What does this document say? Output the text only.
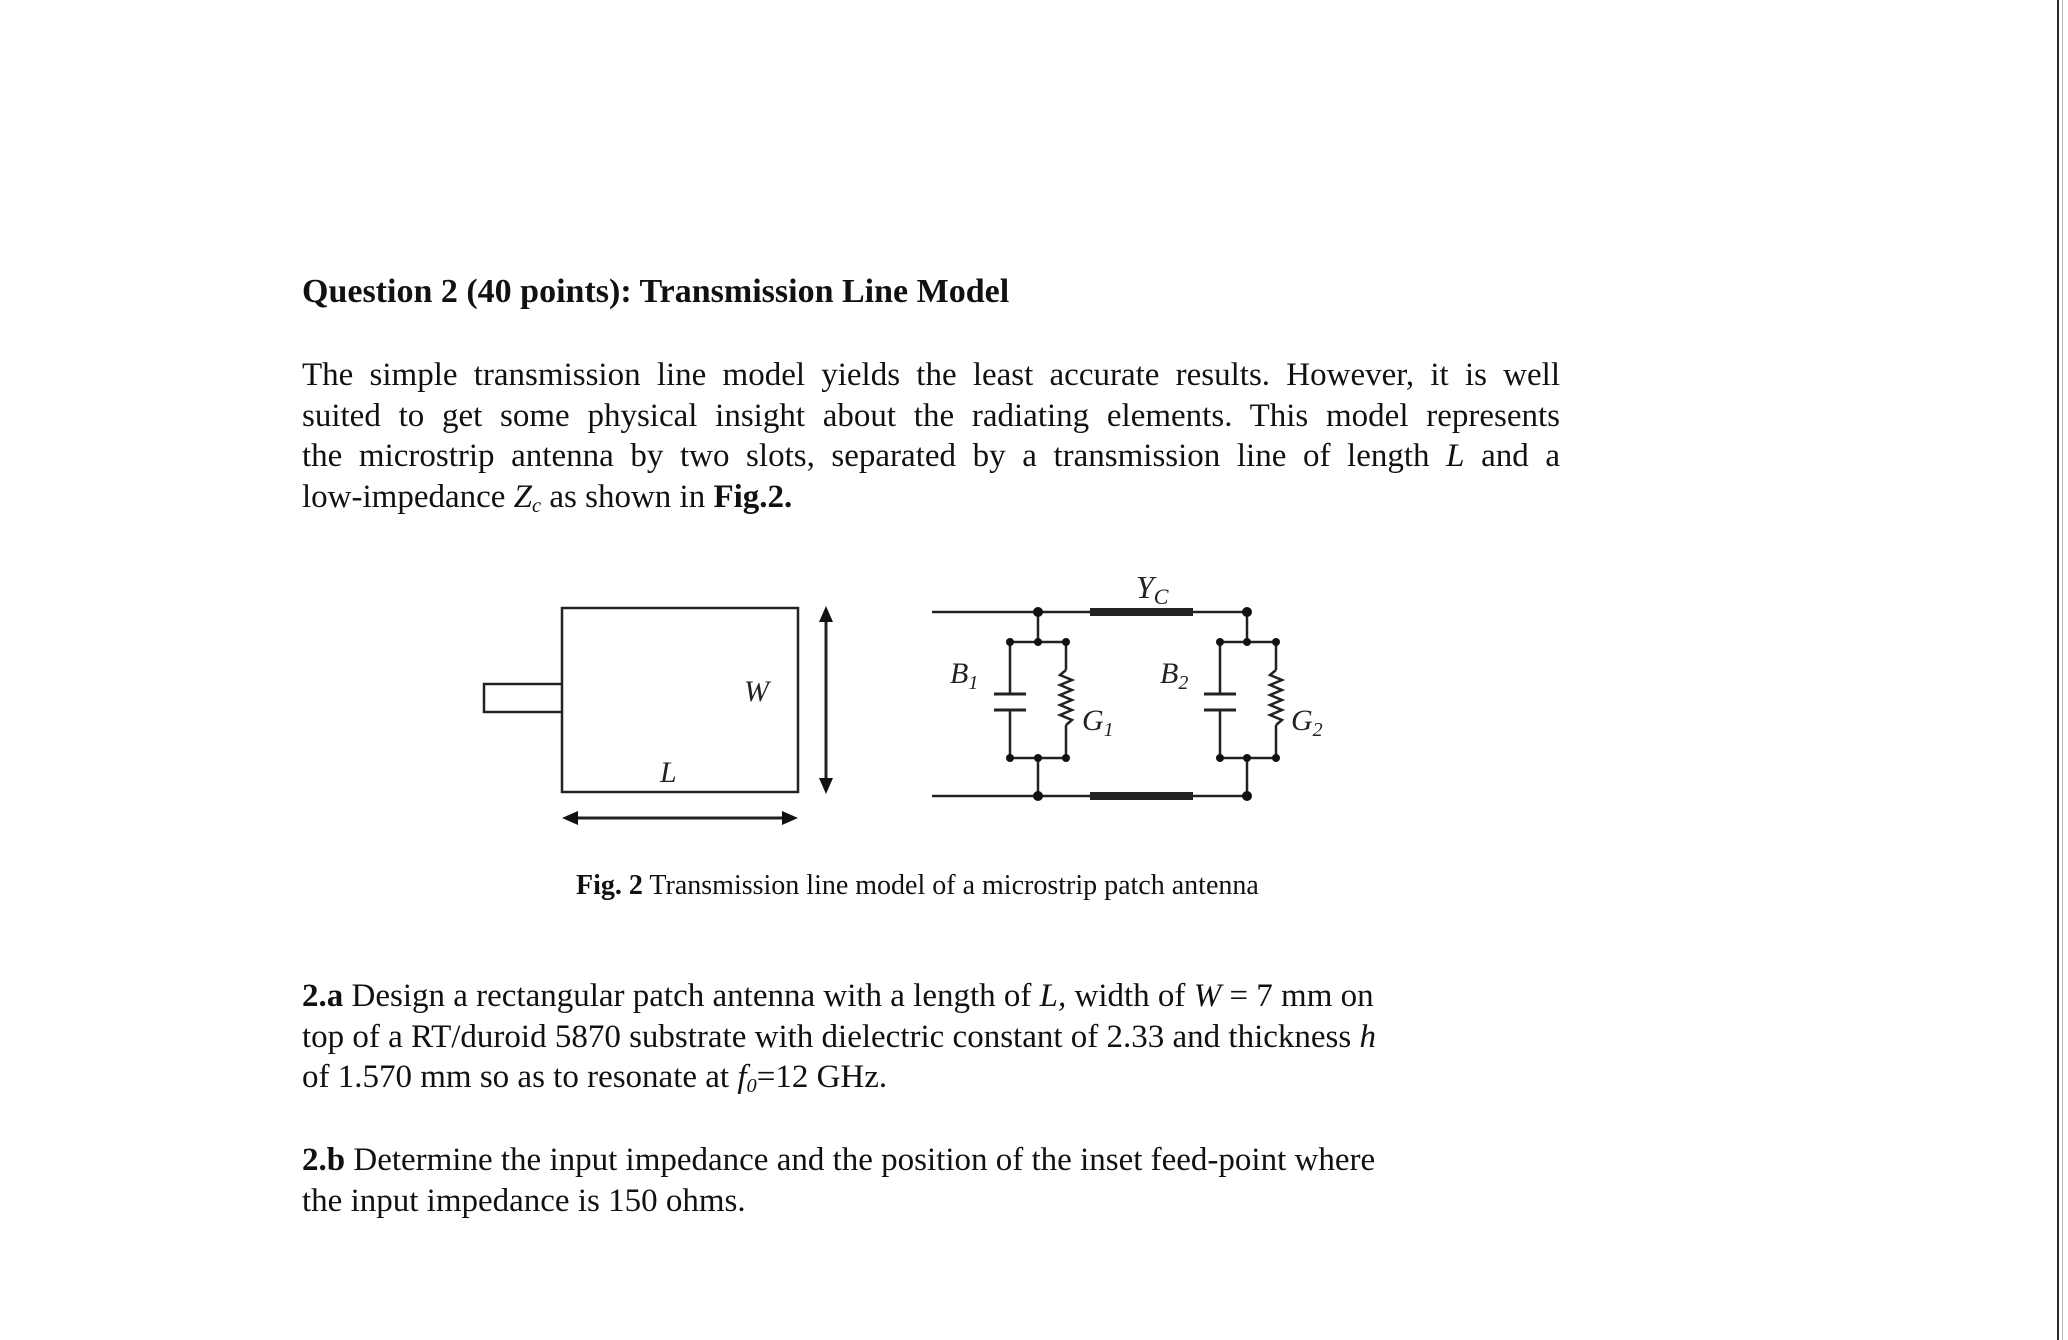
Question 2 (40 points): Transmission Line Model
The simple transmission line model yields the least accurate results. However, it is well
suited to get some physical insight about the radiating elements. This model represents
the microstrip antenna by two slots, separated by a transmission line of length L and a
low-impedance $Z_c$ as shown in Fig.2.
W
L
YC
$B_1$
$G_1$
$B_2$
$G_2$
Fig. 2 Transmission line model of a microstrip patch antenna
2.a Design a rectangular patch antenna with a length of L, width of W = 7 mm on
top of a RT/duroid 5870 substrate with dielectric constant of 2.33 and thickness h
of 1.570 mm so as to resonate at $f_0=12$ GHz.
2.b Determine the input impedance and the position of the inset feed-point where
the input impedance is 150 ohms.
